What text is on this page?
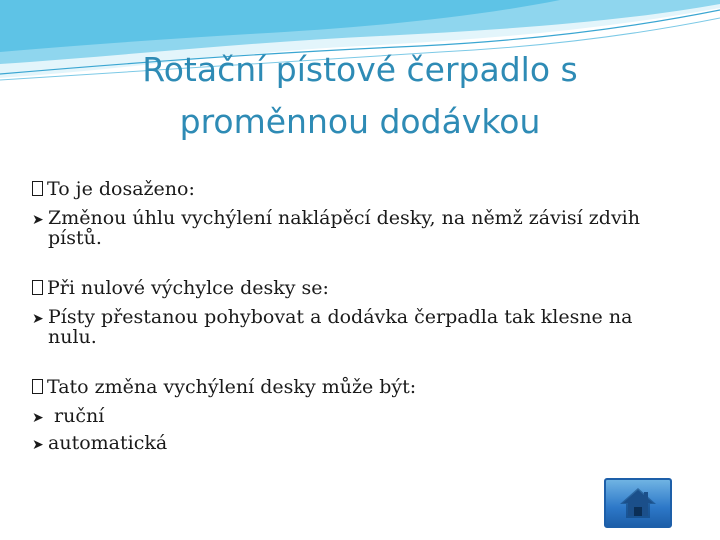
Rotační pístové čerpadlo s proměnnou dodávkou
To je dosaženo:
➤ Změnou úhlu vychýlení naklápěcí desky, na němž závisí zdvih pístů.
Při nulové výchylce desky se:
➤ Písty přestanou pohybovat a dodávka čerpadla tak klesne na nulu.
Tato změna vychýlení desky může být:
➤ ruční
➤ automatická
